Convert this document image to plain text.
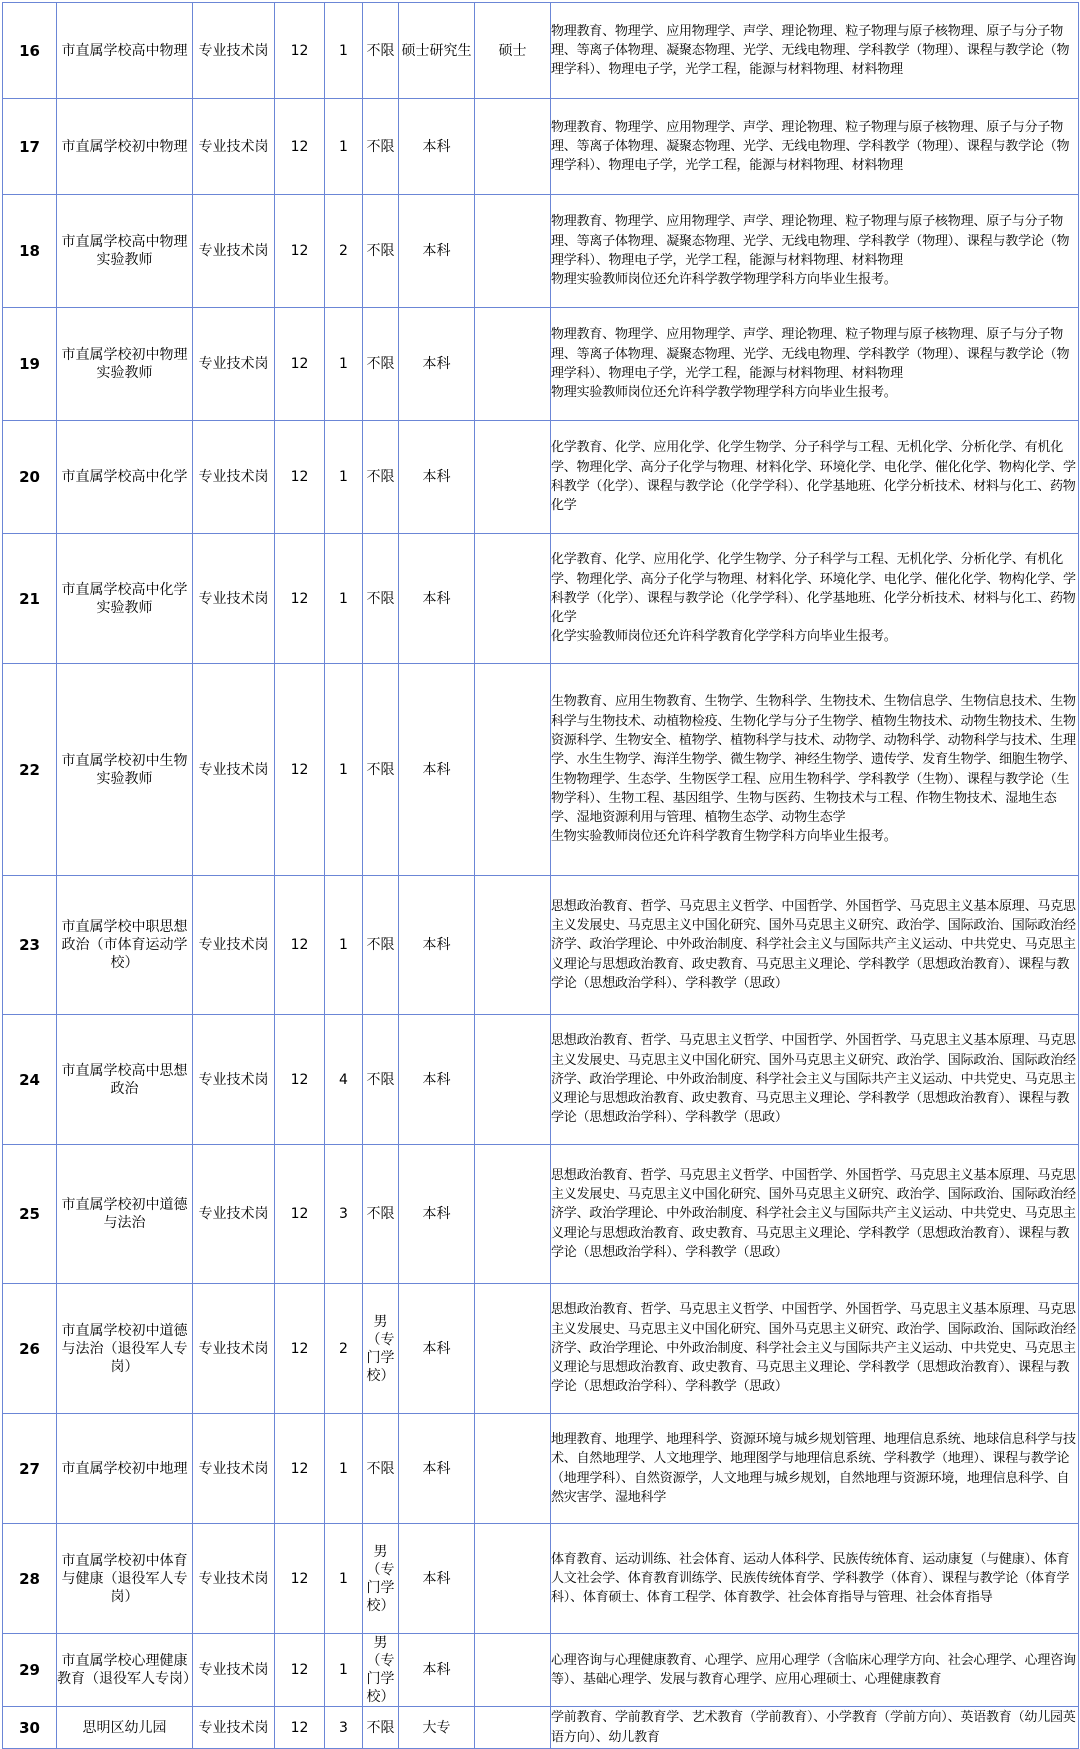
16	市直属学校高中物理	专业技术岗	12	1	不限	硕士研究生	硕士	物理教育、物理学、应用物理学、声学、理论物理、粒子物理与原子核物理、原子与分子物理、等离子体物理、凝聚态物理、光学、无线电物理、学科教学（物理）、课程与教学论（物理学科）、物理电子学，光学工程，能源与材料物理、材料物理
17	市直属学校初中物理	专业技术岗	12	1	不限	本科		物理教育、物理学、应用物理学、声学、理论物理、粒子物理与原子核物理、原子与分子物理、等离子体物理、凝聚态物理、光学、无线电物理、学科教学（物理）、课程与教学论（物理学科）、物理电子学，光学工程，能源与材料物理、材料物理
18	市直属学校高中物理实验教师	专业技术岗	12	2	不限	本科		物理教育、物理学、应用物理学、声学、理论物理、粒子物理与原子核物理、原子与分子物理、等离子体物理、凝聚态物理、光学、无线电物理、学科教学（物理）、课程与教学论（物理学科）、物理电子学，光学工程，能源与材料物理、材料物理
物理实验教师岗位还允许科学教学物理学科方向毕业生报考。

19	市直属学校初中物理实验教师	专业技术岗	12	1	不限	本科		物理教育、物理学、应用物理学、声学、理论物理、粒子物理与原子核物理、原子与分子物理、等离子体物理、凝聚态物理、光学、无线电物理、学科教学（物理）、课程与教学论（物理学科）、物理电子学，光学工程，能源与材料物理、材料物理
物理实验教师岗位还允许科学教学物理学科方向毕业生报考。

20	市直属学校高中化学	专业技术岗	12	1	不限	本科		化学教育、化学、应用化学、化学生物学、分子科学与工程、无机化学、分析化学、有机化学、物理化学、高分子化学与物理、材料化学、环境化学、电化学、催化化学、物构化学、学科教学（化学）、课程与教学论（化学学科）、化学基地班、化学分析技术、材料与化工、药物化学
21	市直属学校高中化学实验教师	专业技术岗	12	1	不限	本科		化学教育、化学、应用化学、化学生物学、分子科学与工程、无机化学、分析化学、有机化学、物理化学、高分子化学与物理、材料化学、环境化学、电化学、催化化学、物构化学、学科教学（化学）、课程与教学论（化学学科）、化学基地班、化学分析技术、材料与化工、药物化学
化学实验教师岗位还允许科学教育化学学科方向毕业生报考。

22	市直属学校初中生物实验教师	专业技术岗	12	1	不限	本科		生物教育、应用生物教育、生物学、生物科学、生物技术、生物信息学、生物信息技术、生物科学与生物技术、动植物检疫、生物化学与分子生物学、植物生物技术、动物生物技术、生物资源科学、生物安全、植物学、植物科学与技术、动物学、动物科学、动物科学与技术、生理学、水生生物学、海洋生物学、微生物学、神经生物学、遗传学、发育生物学、细胞生物学、生物物理学、生态学、生物医学工程、应用生物科学、学科教学（生物）、课程与教学论（生物学科）、生物工程、基因组学、生物与医药、生物技术与工程、作物生物技术、湿地生态学、湿地资源利用与管理、植物生态学、动物生态学
生物实验教师岗位还允许科学教育生物学科方向毕业生报考。

23	市直属学校中职思想政治（市体育运动学校）	专业技术岗	12	1	不限	本科		思想政治教育、哲学、马克思主义哲学、中国哲学、外国哲学、马克思主义基本原理、马克思主义发展史、马克思主义中国化研究、国外马克思主义研究、政治学、国际政治、国际政治经济学、政治学理论、中外政治制度、科学社会主义与国际共产主义运动、中共党史、马克思主义理论与思想政治教育、政史教育、马克思主义理论、学科教学（思想政治教育）、课程与教学论（思想政治学科）、学科教学（思政）
24	市直属学校高中思想政治	专业技术岗	12	4	不限	本科		思想政治教育、哲学、马克思主义哲学、中国哲学、外国哲学、马克思主义基本原理、马克思主义发展史、马克思主义中国化研究、国外马克思主义研究、政治学、国际政治、国际政治经济学、政治学理论、中外政治制度、科学社会主义与国际共产主义运动、中共党史、马克思主义理论与思想政治教育、政史教育、马克思主义理论、学科教学（思想政治教育）、课程与教学论（思想政治学科）、学科教学（思政）
25	市直属学校初中道德与法治	专业技术岗	12	3	不限	本科		思想政治教育、哲学、马克思主义哲学、中国哲学、外国哲学、马克思主义基本原理、马克思主义发展史、马克思主义中国化研究、国外马克思主义研究、政治学、国际政治、国际政治经济学、政治学理论、中外政治制度、科学社会主义与国际共产主义运动、中共党史、马克思主义理论与思想政治教育、政史教育、马克思主义理论、学科教学（思想政治教育）、课程与教学论（思想政治学科）、学科教学（思政）
26	市直属学校初中道德与法治（退役军人专岗）	专业技术岗	12	2	男（专门学校）	本科		思想政治教育、哲学、马克思主义哲学、中国哲学、外国哲学、马克思主义基本原理、马克思主义发展史、马克思主义中国化研究、国外马克思主义研究、政治学、国际政治、国际政治经济学、政治学理论、中外政治制度、科学社会主义与国际共产主义运动、中共党史、马克思主义理论与思想政治教育、政史教育、马克思主义理论、学科教学（思想政治教育）、课程与教学论（思想政治学科）、学科教学（思政）
27	市直属学校初中地理	专业技术岗	12	1	不限	本科		地理教育、地理学、地理科学、资源环境与城乡规划管理、地理信息系统、地球信息科学与技术、自然地理学、人文地理学、地理图学与地理信息系统、学科教学（地理）、课程与教学论（地理学科）、自然资源学，人文地理与城乡规划，自然地理与资源环境，地理信息科学、自然灾害学、湿地科学
28	市直属学校初中体育与健康（退役军人专岗）	专业技术岗	12	1	男（专门学校）	本科		体育教育、运动训练、社会体育、运动人体科学、民族传统体育、运动康复（与健康）、体育人文社会学、体育教育训练学、民族传统体育学、学科教学（体育）、课程与教学论（体育学科）、体育硕士、体育工程学、体育教学、社会体育指导与管理、社会体育指导
29	市直属学校心理健康教育（退役军人专岗）	专业技术岗	12	1	男（专门学校）	本科		心理咨询与心理健康教育、心理学、应用心理学（含临床心理学方向、社会心理学、心理咨询等）、基础心理学、发展与教育心理学、应用心理硕士、心理健康教育
30	思明区幼儿园	专业技术岗	12	3	不限	大专		学前教育、学前教育学、艺术教育（学前教育）、小学教育（学前方向）、英语教育（幼儿园英语方向）、幼儿教育
